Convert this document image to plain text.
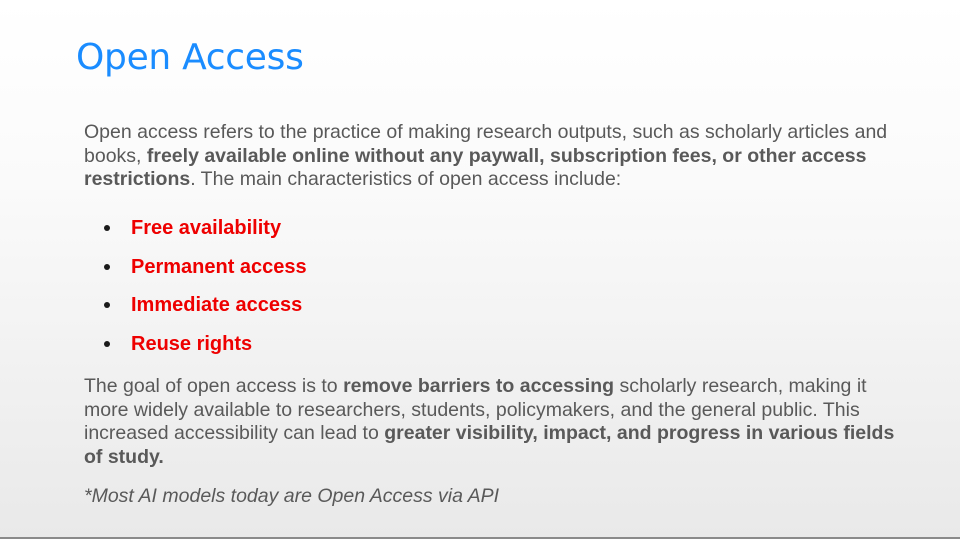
Open Access

Open access refers to the practice of making research outputs, such as scholarly articles and books, freely available online without any paywall, subscription fees, or other access restrictions. The main characteristics of open access include:

Free availability
Permanent access
Immediate access
Reuse rights

The goal of open access is to remove barriers to accessing scholarly research, making it more widely available to researchers, students, policymakers, and the general public. This increased accessibility can lead to greater visibility, impact, and progress in various fields of study.

*Most AI models today are Open Access via API
